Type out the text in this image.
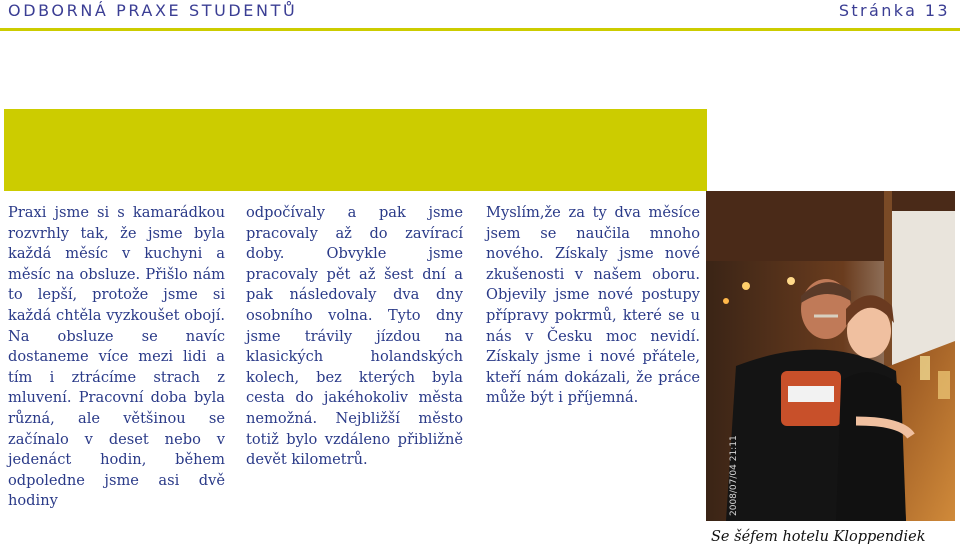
ODBORNÁ PRAXE STUDENTŮ	Stránka 13

Praxi jsme si s kamarádkou rozvrhly tak, že jsme byla každá měsíc v kuchyni a měsíc na obsluze. Přišlo nám to lepší, protože jsme si každá chtěla vyzkoušet obojí. Na obsluze se navíc dostaneme více mezi lidi a tím i ztrácíme strach z mluvení. Pracovní doba byla různá, ale většinou se začínalo v deset nebo v jedenáct hodin, během odpoledne jsme asi dvě hodiny

odpočívaly a pak jsme pracovaly až do zavírací doby. Obvykle jsme pracovaly pět až šest dní a pak následovaly dva dny osobního volna. Tyto dny jsme trávily jízdou na klasických holandských kolech, bez kterých byla cesta do jakéhokoliv města nemožná. Nejbližší město totiž bylo vzdáleno přibližně devět kilometrů.

Myslím,že za ty dva měsíce jsem se naučila mnoho nového. Získaly jsme nové zkušenosti v našem oboru. Objevily jsme nové postupy přípravy pokrmů, které se u nás v Česku moc nevidí. Získaly jsme i nové přátele, kteří nám dokázali, že práce může být i příjemná.

2008/07/04 21:11
Se šéfem hotelu Kloppendiek
